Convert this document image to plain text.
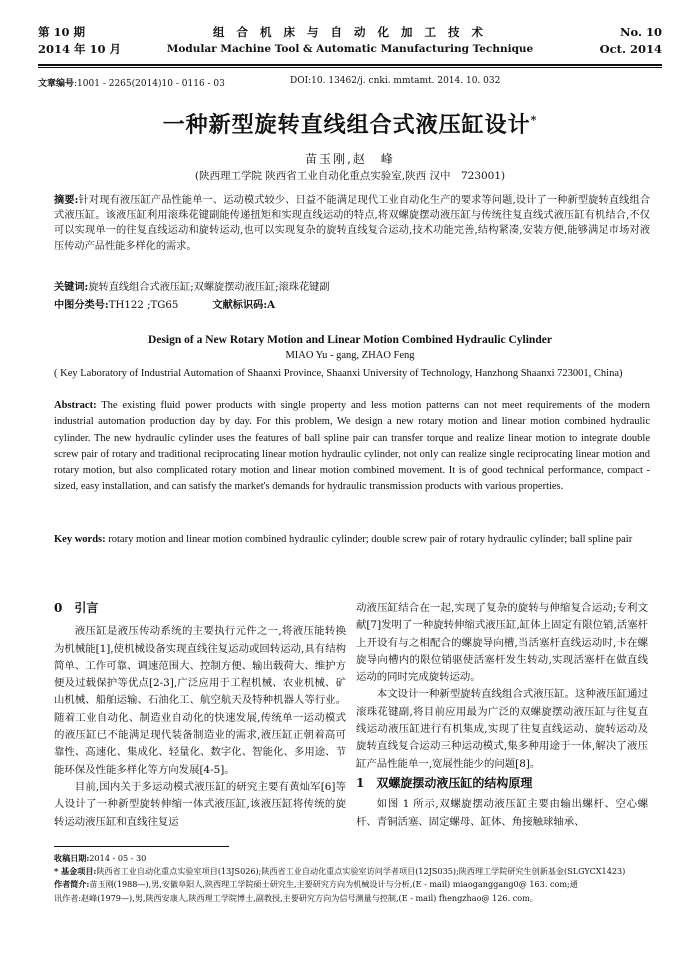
第 10 期
2014 年 10 月
组 合 机 床 与 自 动 化 加 工 技 术
Modular Machine Tool & Automatic Manufacturing Technique
No. 10
Oct. 2014
文章编号:1001 - 2265(2014)10 - 0116 - 03	DOI:10. 13462/j. cnki. mmtamt. 2014. 10. 032
一种新型旋转直线组合式液压缸设计*
苗玉刚,赵　峰
(陕西理工学院 陕西省工业自动化重点实验室,陕西 汉中　723001)
摘要:针对现有液压缸产品性能单一、运动模式较少、日益不能满足现代工业自动化生产的要求等问题,设计了一种新型旋转直线组合式液压缸。该液压缸利用滚珠花键副能传递扭矩和实现直线运动的特点,将双螺旋摆动液压缸与传统往复直线式液压缸有机结合,不仅可以实现单一的往复直线运动和旋转运动,也可以实现复杂的旋转直线复合运动,技术功能完善,结构紧凑,安装方便,能够满足市场对液压传动产品性能多样化的需求。
关键词:旋转直线组合式液压缸;双螺旋摆动液压缸;滚珠花键副
中图分类号:TH122 ;TG65	文献标识码:A
Design of a New Rotary Motion and Linear Motion Combined Hydraulic Cylinder
MIAO Yu - gang, ZHAO Feng
( Key Laboratory of Industrial Automation of Shaanxi Province, Shaanxi University of Technology, Hanzhong Shaanxi 723001, China)
Abstract: The existing fluid power products with single property and less motion patterns can not meet requirements of the modern industrial automation production day by day. For this problem, We design a new rotary motion and linear motion combined hydraulic cylinder. The new hydraulic cylinder uses the features of ball spline pair can transfer torque and realize linear motion to integrate double screw pair of rotary and traditional reciprocating linear motion hydraulic cylinder, not only can realize single reciprocating linear motion and rotary motion, but also complicated rotary motion and linear motion combined movement. It is of good technical performance, compact - sized, easy installation, and can satisfy the market's demands for hydraulic transmission products with various properties.
Key words: rotary motion and linear motion combined hydraulic cylinder; double screw pair of rotary hydraulic cylinder; ball spline pair
0 引言

液压缸是液压传动系统的主要执行元件之一,将液压能转换为机械能[1],使机械设备实现直线往复运动或回转运动,具有结构简单、工作可靠、调速范围大、控制方便、输出载荷大、维护方便及过载保护等优点[2-3],广泛应用于工程机械、农业机械、矿山机械、船舶运输、石油化工、航空航天及特种机器人等行业。随着工业自动化、制造业自动化的快速发展,传统单一运动模式的液压缸已不能满足现代装备制造业的需求,液压缸正朝着高可靠性、高速化、集成化、轻量化、数字化、智能化、多用途、节能环保及性能多样化等方向发展[4-5]。

目前,国内关于多运动模式液压缸的研究主要有黄灿军[6]等人设计了一种新型旋转伸缩一体式液压缸,该液压缸将传统的旋转运动液压缸和直线往复运

动液压缸结合在一起,实现了复杂的旋转与伸缩复合运动;专利文献[7]发明了一种旋转伸缩式液压缸,缸体上固定有限位销,活塞杆上开设有与之相配合的螺旋导向槽,当活塞杆直线运动时,卡在螺旋导向槽内的限位销驱使活塞杆发生转动,实现活塞杆在做直线运动的同时完成旋转运动。

本文设计一种新型旋转直线组合式液压缸。这种液压缸通过滚珠花键副,将目前应用最为广泛的双螺旋摆动液压缸与往复直线运动液压缸进行有机集成,实现了往复直线运动、旋转运动及旋转直线复合运动三种运动模式,集多种用途于一体,解决了液压缸产品性能单一,宽展性能少的问题[8]。

1 双螺旋摆动液压缸的结构原理

如图 1 所示,双螺旋摆动液压缸主要由输出螺杆、空心螺杆、青铜活塞、固定螺母、缸体、角接触球轴承、

收稿日期:2014 - 05 - 30
* 基金项目:陕西省工业自动化重点实验室项目(13JS026);陕西省工业自动化重点实验室访问学者项目(12JS035);陕西理工学院研究生创新基金(SLGYCX1423)
作者简介:苗玉刚(1988—),男,安徽阜阳人,陕西理工学院硕士研究生,主要研究方向为机械设计与分析,(E - mail) miaoganggang0@ 163. com;通
讯作者:赵峰(1979—),男,陕西安康人,陕西理工学院博士,副教授,主要研究方向为信号测量与控制,(E - mail) fhengzhao@ 126. com。
